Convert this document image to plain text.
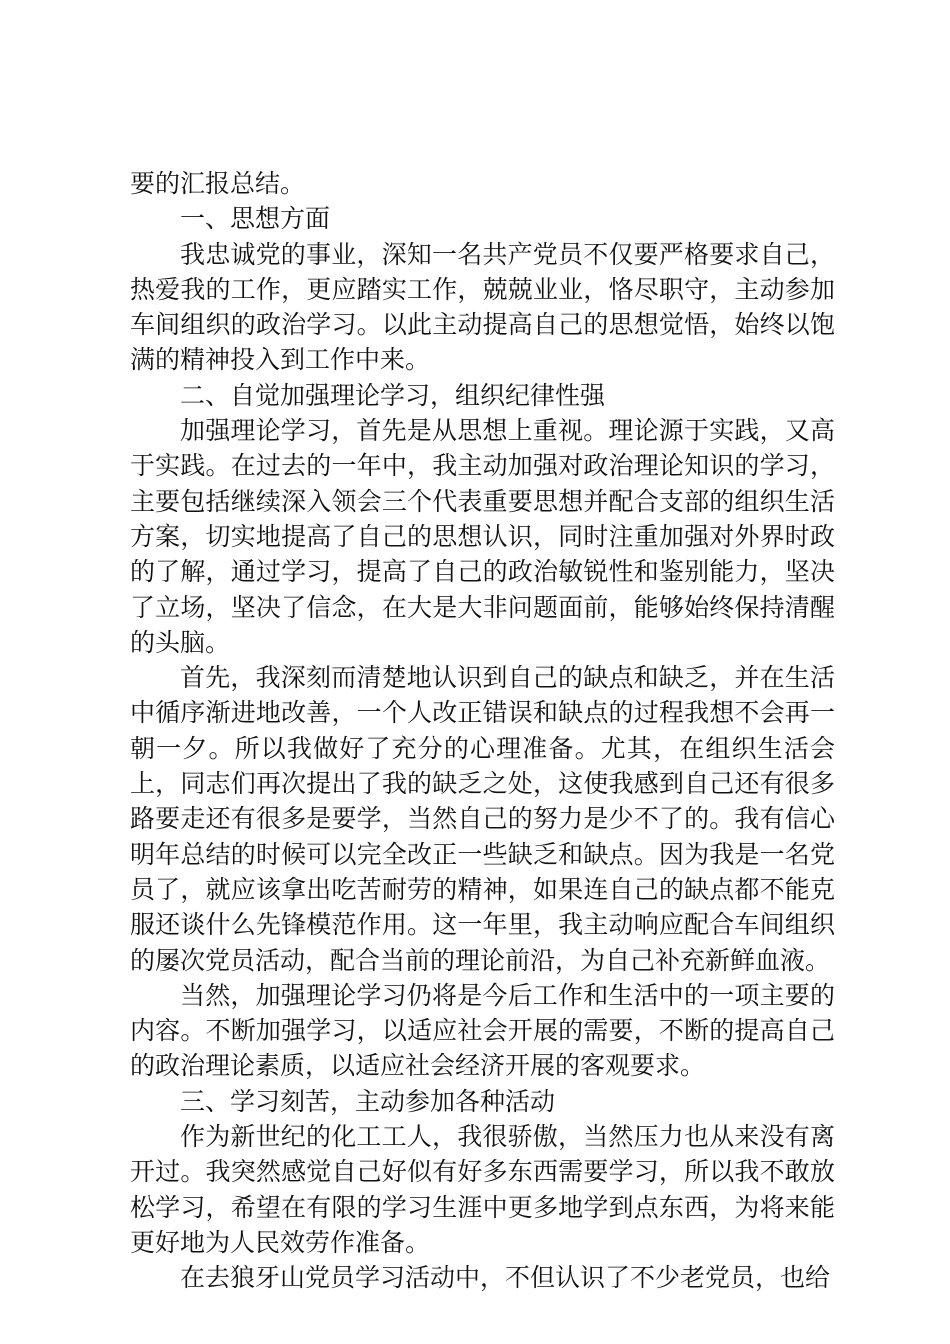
要的汇报总结。

一、思想方面

我忠诚党的事业，深知一名共产党员不仅要严格要求自己，热爱我的工作，更应踏实工作，兢兢业业，恪尽职守，主动参加车间组织的政治学习。以此主动提高自己的思想觉悟，始终以饱满的精神投入到工作中来。

二、自觉加强理论学习，组织纪律性强

加强理论学习，首先是从思想上重视。理论源于实践，又高于实践。在过去的一年中，我主动加强对政治理论知识的学习，主要包括继续深入领会三个代表重要思想并配合支部的组织生活方案，切实地提高了自己的思想认识，同时注重加强对外界时政的了解，通过学习，提高了自己的政治敏锐性和鉴别能力，坚决了立场，坚决了信念，在大是大非问题面前，能够始终保持清醒的头脑。

首先，我深刻而清楚地认识到自己的缺点和缺乏，并在生活中循序渐进地改善，一个人改正错误和缺点的过程我想不会再一朝一夕。所以我做好了充分的心理准备。尤其，在组织生活会上，同志们再次提出了我的缺乏之处，这使我感到自己还有很多路要走还有很多是要学，当然自己的努力是少不了的。我有信心明年总结的时候可以完全改正一些缺乏和缺点。因为我是一名党员了，就应该拿出吃苦耐劳的精神，如果连自己的缺点都不能克服还谈什么先锋模范作用。这一年里，我主动响应配合车间组织的屡次党员活动，配合当前的理论前沿，为自己补充新鲜血液。

当然，加强理论学习仍将是今后工作和生活中的一项主要的内容。不断加强学习，以适应社会开展的需要，不断的提高自己的政治理论素质，以适应社会经济开展的客观要求。

三、学习刻苦，主动参加各种活动

作为新世纪的化工工人，我很骄傲，当然压力也从来没有离开过。我突然感觉自己好似有好多东西需要学习，所以我不敢放松学习，希望在有限的学习生涯中更多地学到点东西，为将来能更好地为人民效劳作准备。

在去狼牙山党员学习活动中，不但认识了不少老党员，也给
